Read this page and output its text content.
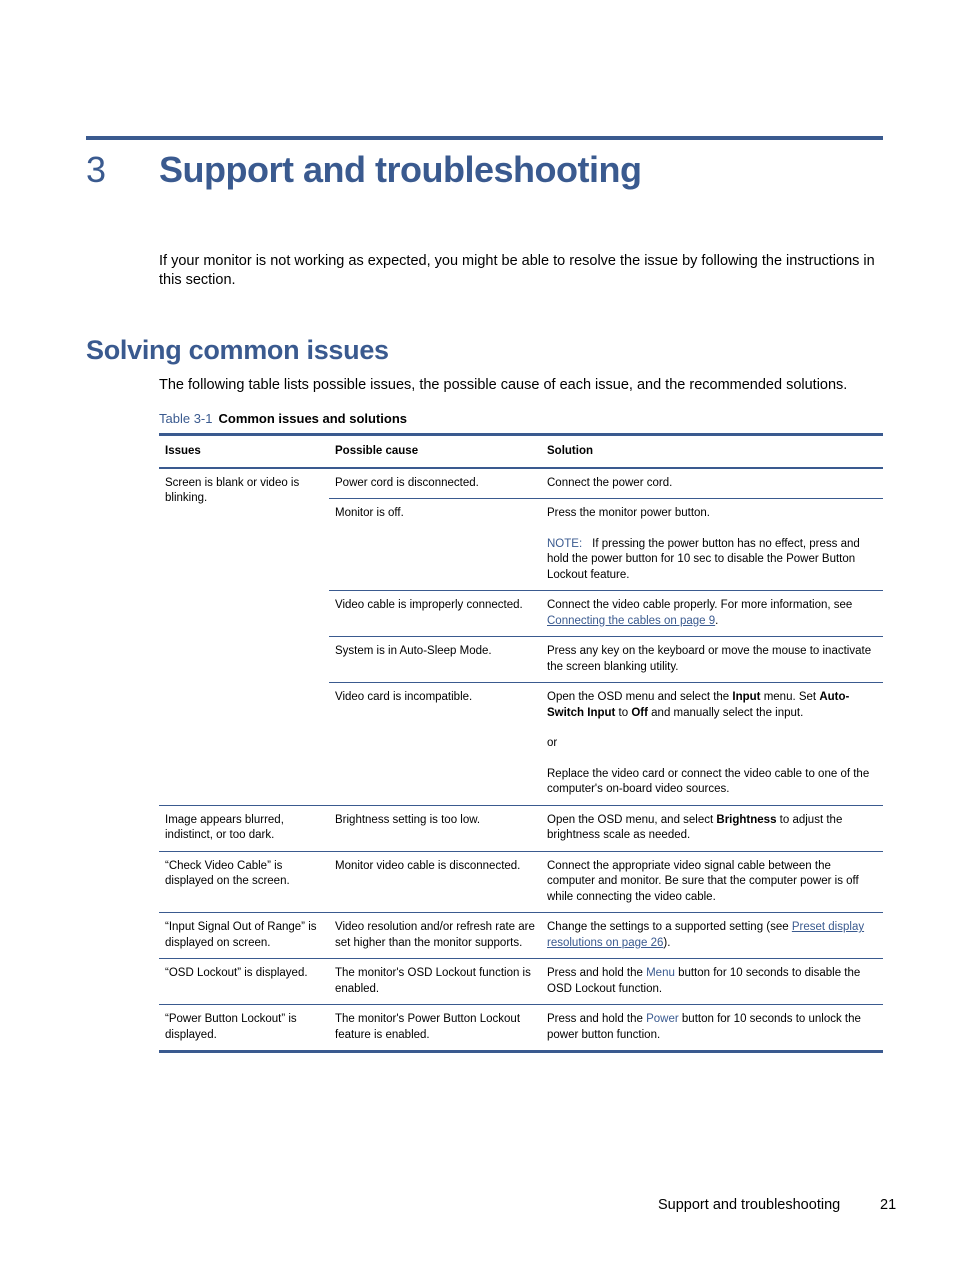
3 Support and troubleshooting

If your monitor is not working as expected, you might be able to resolve the issue by following the instructions in this section.

Solving common issues

The following table lists possible issues, the possible cause of each issue, and the recommended solutions.

Table 3-1 Common issues and solutions
Issues	Possible cause	Solution
Screen is blank or video is blinking.	Power cord is disconnected.	Connect the power cord.
	Monitor is off.	Press the monitor power button.
NOTE: If pressing the power button has no effect, press and hold the power button for 10 sec to disable the Power Button Lockout feature.

	Video cable is improperly connected.	Connect the video cable properly. For more information, see Connecting the cables on page 9.
	System is in Auto-Sleep Mode.	Press any key on the keyboard or move the mouse to inactivate the screen blanking utility.
	Video card is incompatible.	Open the OSD menu and select the Input menu. Set Auto-Switch Input to Off and manually select the input.
or
Replace the video card or connect the video cable to one of the computer's on-board video sources.

Image appears blurred, indistinct, or too dark.	Brightness setting is too low.	Open the OSD menu, and select Brightness to adjust the brightness scale as needed.
“Check Video Cable” is displayed on the screen.	Monitor video cable is disconnected.	Connect the appropriate video signal cable between the computer and monitor. Be sure that the computer power is off while connecting the video cable.
“Input Signal Out of Range” is displayed on screen.	Video resolution and/or refresh rate are set higher than the monitor supports.	Change the settings to a supported setting (see Preset display resolutions on page 26).
“OSD Lockout” is displayed.	The monitor's OSD Lockout function is enabled.	Press and hold the Menu button for 10 seconds to disable the OSD Lockout function.
“Power Button Lockout” is displayed.	The monitor's Power Button Lockout feature is enabled.	Press and hold the Power button for 10 seconds to unlock the power button function.
Support and troubleshooting	21
